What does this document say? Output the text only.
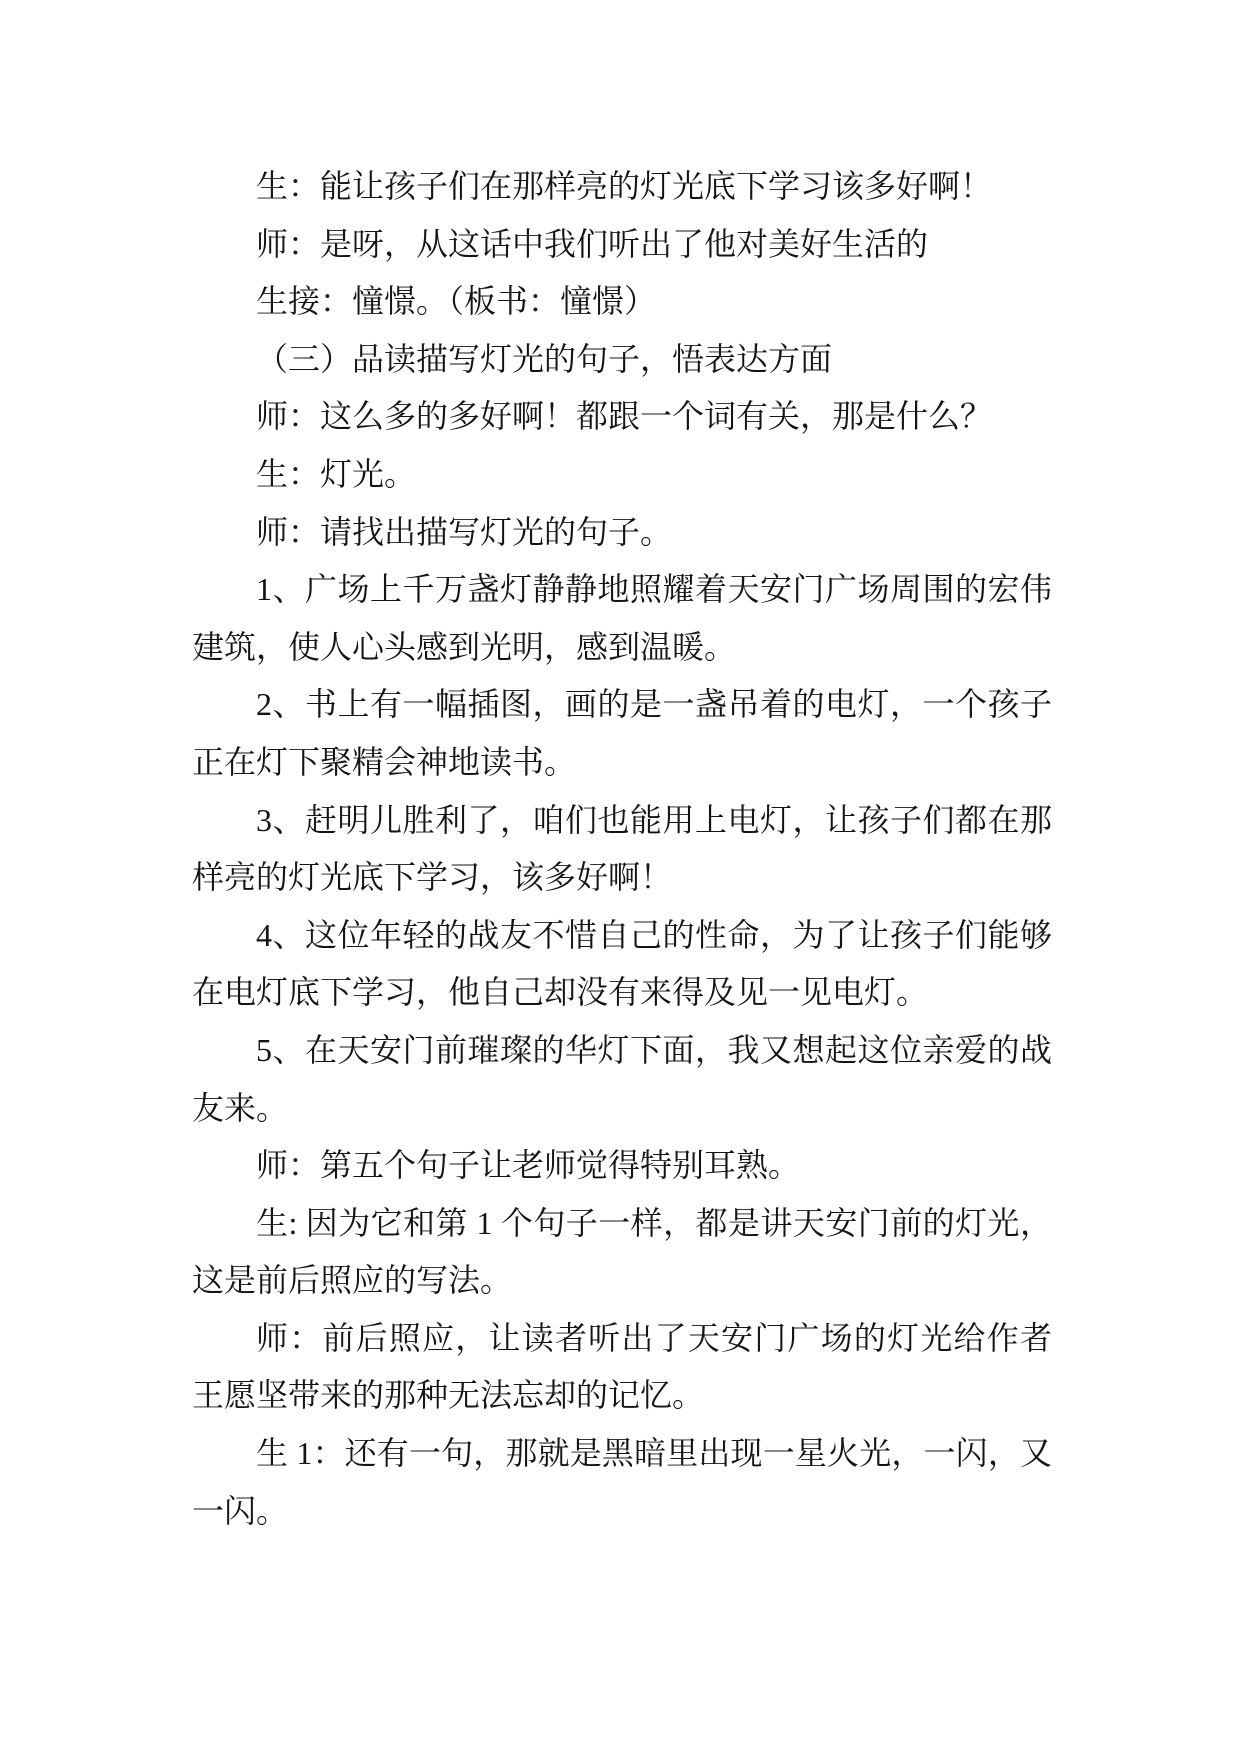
生：能让孩子们在那样亮的灯光底下学习该多好啊！

师：是呀，从这话中我们听出了他对美好生活的

生接：憧憬。（板书：憧憬）

（三）品读描写灯光的句子，悟表达方面

师：这么多的多好啊！都跟一个词有关，那是什么？

生：灯光。

师：请找出描写灯光的句子。

1、广场上千万盏灯静静地照耀着天安门广场周围的宏伟建筑，使人心头感到光明，感到温暖。

2、书上有一幅插图，画的是一盏吊着的电灯，一个孩子正在灯下聚精会神地读书。

3、赶明儿胜利了，咱们也能用上电灯，让孩子们都在那样亮的灯光底下学习，该多好啊！

4、这位年轻的战友不惜自己的性命，为了让孩子们能够在电灯底下学习，他自己却没有来得及见一见电灯。

5、在天安门前璀璨的华灯下面，我又想起这位亲爱的战友来。

师：第五个句子让老师觉得特别耳熟。

生: 因为它和第 1 个句子一样，都是讲天安门前的灯光，这是前后照应的写法。

师：前后照应，让读者听出了天安门广场的灯光给作者王愿坚带来的那种无法忘却的记忆。

生 1：还有一句，那就是黑暗里出现一星火光，一闪，又一闪。
